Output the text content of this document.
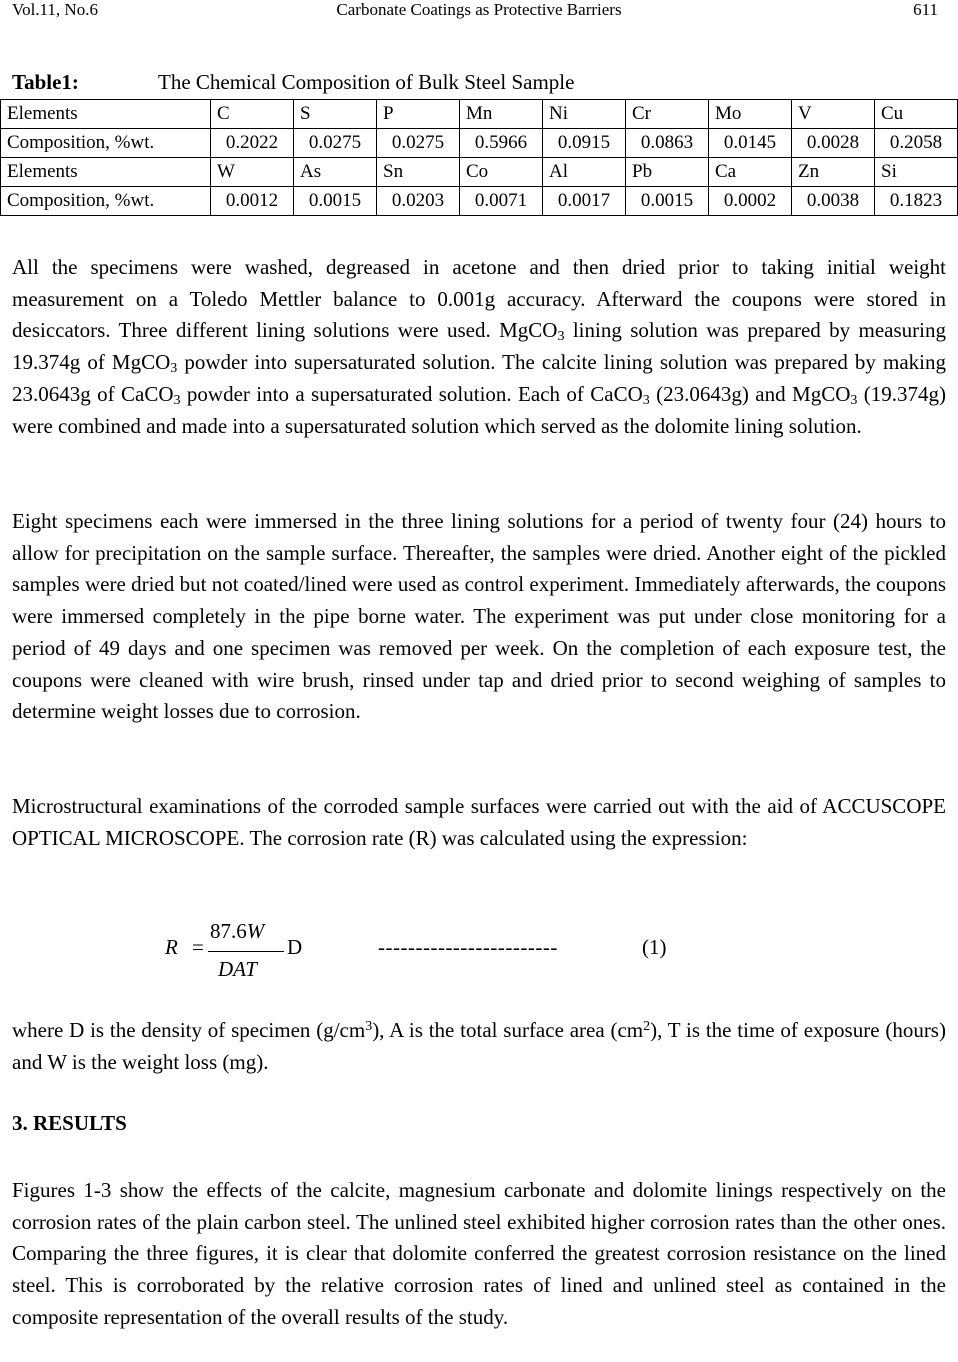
Vol.11, No.6	Carbonate Coatings as Protective Barriers	611
Table1:	The Chemical Composition of Bulk Steel Sample
Elements	C	S	P	Mn	Ni	Cr	Mo	V	Cu
Composition, %wt.	0.2022	0.0275	0.0275	0.5966	0.0915	0.0863	0.0145	0.0028	0.2058
Elements	W	As	Sn	Co	Al	Pb	Ca	Zn	Si
Composition, %wt.	0.0012	0.0015	0.0203	0.0071	0.0017	0.0015	0.0002	0.0038	0.1823
All the specimens were washed, degreased in acetone and then dried prior to taking initial weight measurement on a Toledo Mettler balance to 0.001g accuracy. Afterward the coupons were stored in desiccators. Three different lining solutions were used. MgCO$_3$ lining solution was prepared by measuring 19.374g of MgCO$_3$ powder into supersaturated solution. The calcite lining solution was prepared by making 23.0643g of CaCO$_3$ powder into a supersaturated solution. Each of CaCO$_3$ (23.0643g) and MgCO$_3$ (19.374g) were combined and made into a supersaturated solution which served as the dolomite lining solution.
Eight specimens each were immersed in the three lining solutions for a period of twenty four (24) hours to allow for precipitation on the sample surface. Thereafter, the samples were dried. Another eight of the pickled samples were dried but not coated/lined were used as control experiment. Immediately afterwards, the coupons were immersed completely in the pipe borne water. The experiment was put under close monitoring for a period of 49 days and one specimen was removed per week. On the completion of each exposure test, the coupons were cleaned with wire brush, rinsed under tap and dried prior to second weighing of samples to determine weight losses due to corrosion.
Microstructural examinations of the corroded sample surfaces were carried out with the aid of ACCUSCOPE OPTICAL MICROSCOPE. The corrosion rate (R) was calculated using the expression:
R =
87.6W
DAT
D	------------------------	(1)
where D is the density of specimen $(g/cm^3)$, A is the total surface area $(cm^2)$, T is the time of exposure (hours) and W is the weight loss (mg).
3. RESULTS
Figures 1-3 show the effects of the calcite, magnesium carbonate and dolomite linings respectively on the corrosion rates of the plain carbon steel. The unlined steel exhibited higher corrosion rates than the other ones. Comparing the three figures, it is clear that dolomite conferred the greatest corrosion resistance on the lined steel. This is corroborated by the relative corrosion rates of lined and unlined steel as contained in the composite representation of the overall results of the study.
